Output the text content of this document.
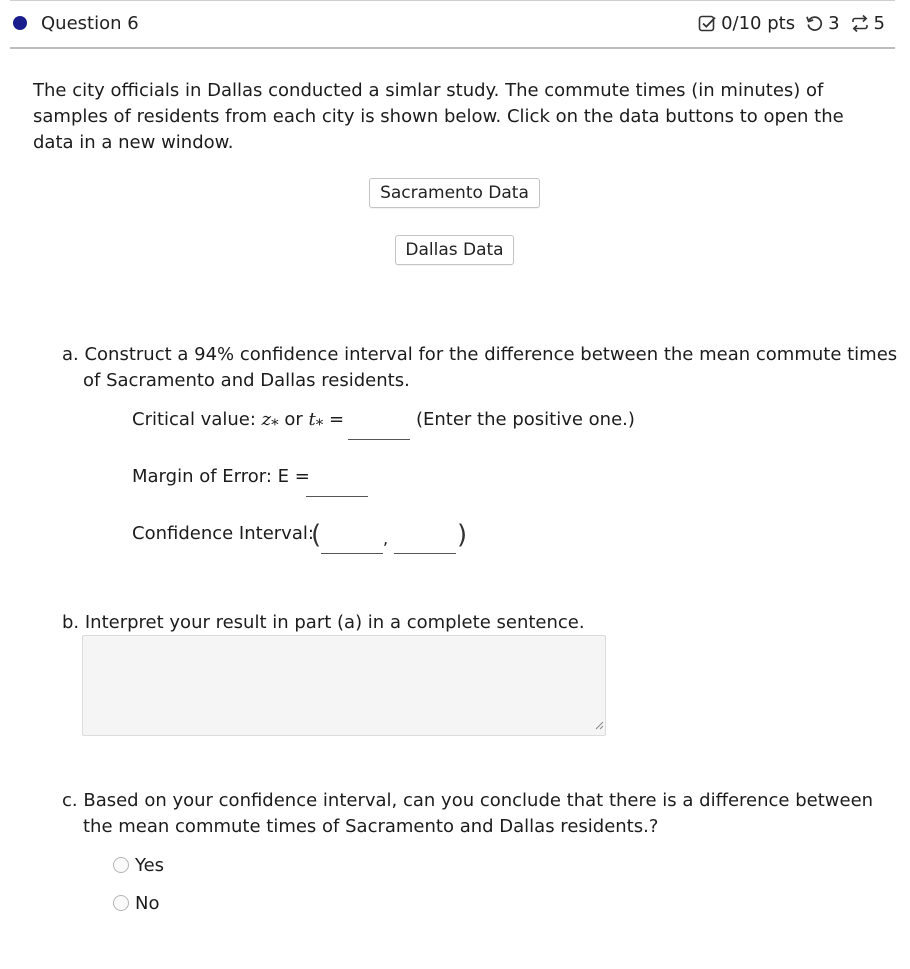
Question 6	0/10 pts 3 5
The city officials in Dallas conducted a simlar study. The commute times (in minutes) of samples of residents from each city is shown below. Click on the data buttons to open the data in a new window.
Sacramento Data
Dallas Data
a. Construct a 94% confidence interval for the difference between the mean commute times of Sacramento and Dallas residents.
Critical value: $z_*$ or $t_*$ =	(Enter the positive one.)
Margin of Error: E =
Confidence Interval:
(	,	)
b. Interpret your result in part (a) in a complete sentence.
c. Based on your confidence interval, can you conclude that there is a difference between the mean commute times of Sacramento and Dallas residents.?
Yes
No
